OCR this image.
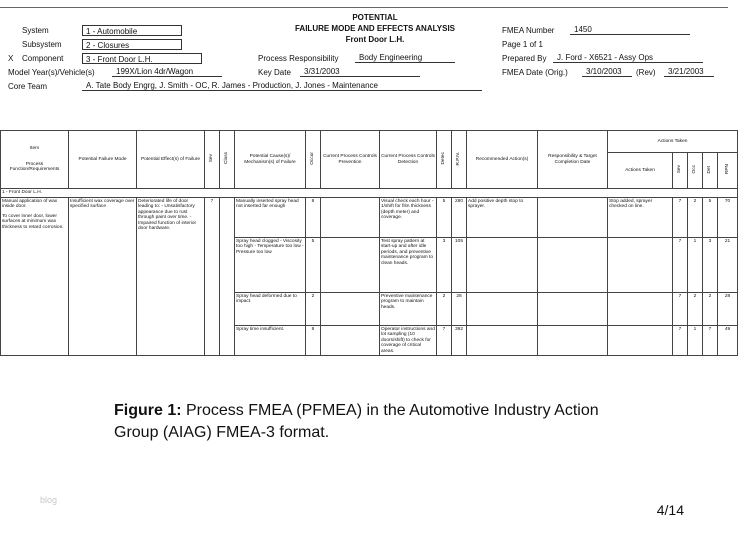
POTENTIAL
FAILURE MODE AND EFFECTS ANALYSIS
Front Door L.H.
System	1 - Automobile
Subsystem	2 - Closures
X Component	3 - Front Door L.H.
Model Year(s)/Vehicle(s)	199X/Lion 4dr/Wagon
Core Team	A. Tate Body Engrg, J. Smith - OC, R. James - Production, J. Jones - Maintenance
Process Responsibility	Body Engineering
Key Date	3/31/2003
FMEA Number	1450
Page 1 of 1
Prepared By	J. Ford - X6521 - Assy Ops
FMEA Date (Orig.)	3/10/2003	(Rev)	3/21/2003
Item
Process Function/Requirements	Potential Failure Mode	Potential Effect(s) of Failure	Sev	Class	Potential Cause(s)/ Mechanism(s) of Failure	Occur	Current Process Controls Prevention	Current Process Controls Detection	Detec	R.P.N.	Recommended Action(s)	Responsibility & Target Completion Date	Actions Taken				
													Actions Taken	Sev	Occ	Det	RPN
1 - Front Door L.H.																	

Manual application of wax inside door.
To cover inner door, lower surfaces at minimum wax thickness to retard corrosion.	Insufficient wax coverage over specified surface	Deteriorated life of door leading to: - Unsatisfactory appearance due to rust through paint over time. - Impaired function of interior door hardware.	7		Manually inserted spray head not inserted far enough	8		Visual check each hour - 1/shift for film thickness (depth meter) and coverage.	5	280	Add positive depth stop to sprayer.		Stop added, sprayer checked on line.	7	2	5	70
					Spray head clogged - Viscosity too high - Temperature too low - Pressure too low	5		Test spray pattern at start-up and after idle periods, and preventive maintenance program to clean heads.	3	105				7	1	3	21
					Spray head deformed due to impact.	2		Preventive maintenance program to maintain heads.	2	28				7	2	2	28
					Spray time insufficient.	8		Operator instructions and lot sampling (10 doors/shift) to check for coverage of critical areas.	7	392				7	1	7	49
Figure 1: Process FMEA (PFMEA) in the Automotive Industry Action Group (AIAG) FMEA-3 format.
blog
4/14
